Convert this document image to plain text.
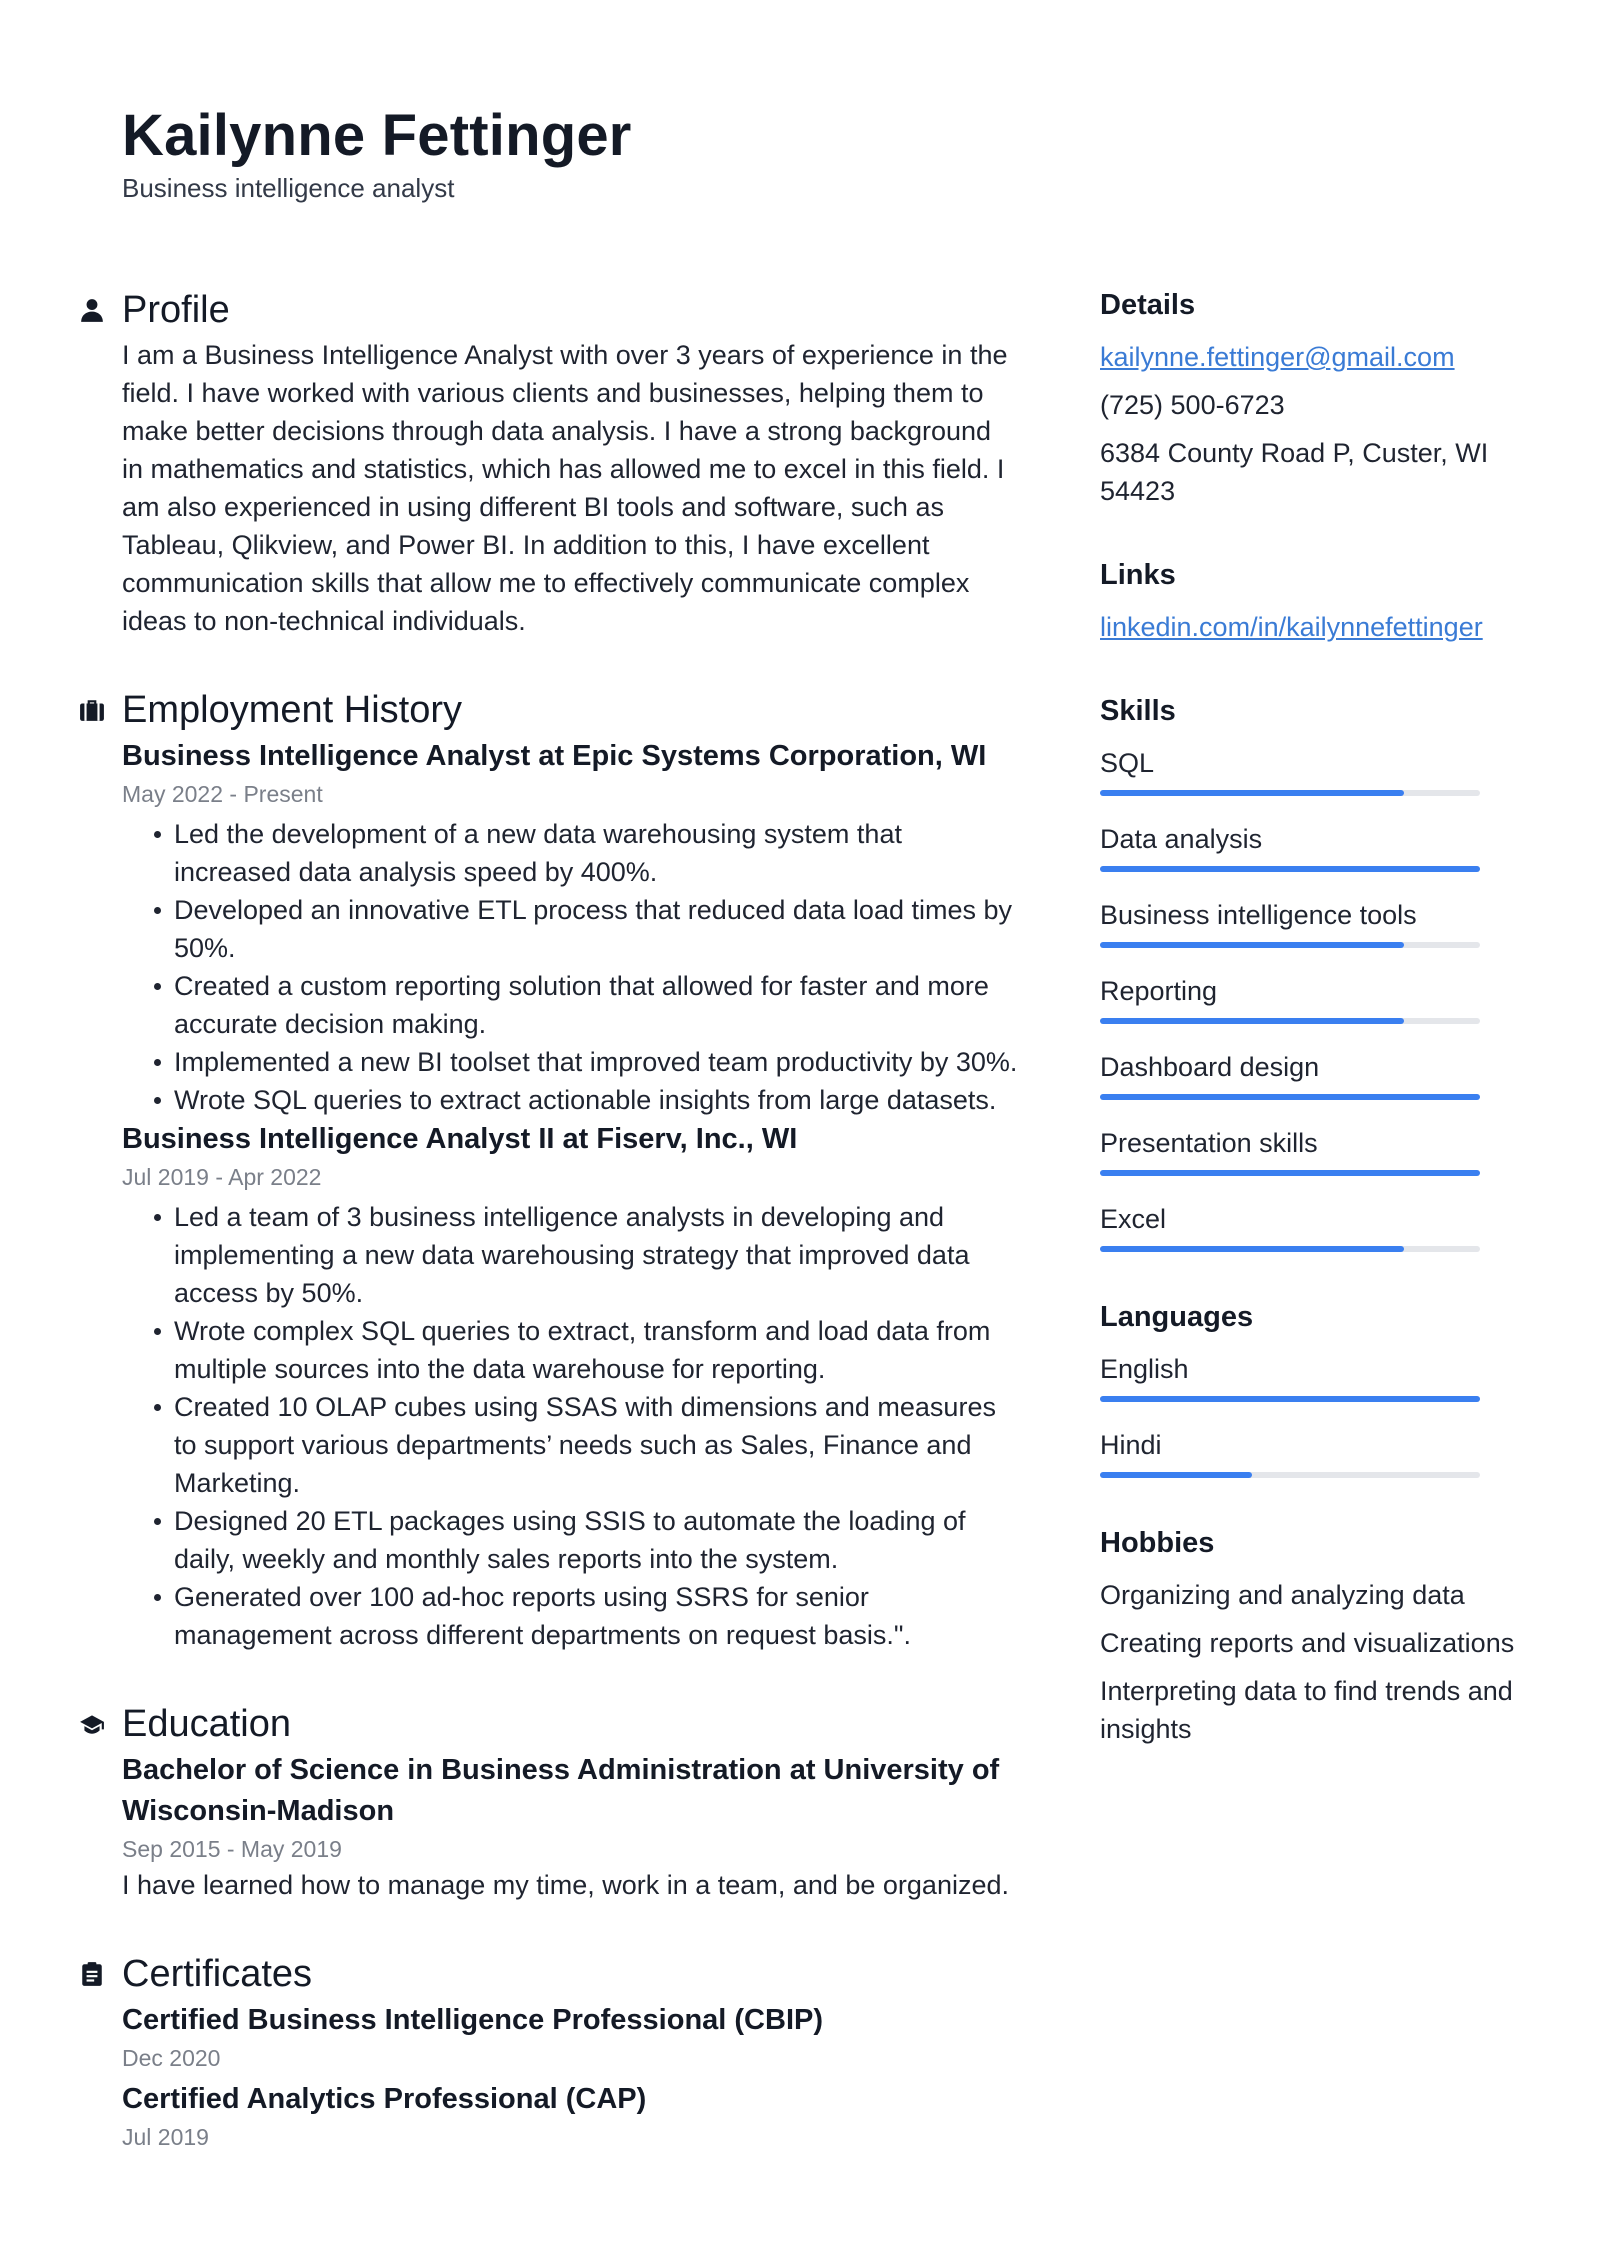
Kailynne Fettinger
Business intelligence analyst
Profile
I am a Business Intelligence Analyst with over 3 years of experience in the field. I have worked with various clients and businesses, helping them to make better decisions through data analysis. I have a strong background in mathematics and statistics, which has allowed me to excel in this field. I am also experienced in using different BI tools and software, such as Tableau, Qlikview, and Power BI. In addition to this, I have excellent communication skills that allow me to effectively communicate complex ideas to non-technical individuals.
Employment History
Business Intelligence Analyst at Epic Systems Corporation, WI
May 2022 - Present
Led the development of a new data warehousing system that increased data analysis speed by 400%.
Developed an innovative ETL process that reduced data load times by 50%.
Created a custom reporting solution that allowed for faster and more accurate decision making.
Implemented a new BI toolset that improved team productivity by 30%.
Wrote SQL queries to extract actionable insights from large datasets.
Business Intelligence Analyst II at Fiserv, Inc., WI
Jul 2019 - Apr 2022
Led a team of 3 business intelligence analysts in developing and implementing a new data warehousing strategy that improved data access by 50%.
Wrote complex SQL queries to extract, transform and load data from multiple sources into the data warehouse for reporting.
Created 10 OLAP cubes using SSAS with dimensions and measures to support various departments’ needs such as Sales, Finance and Marketing.
Designed 20 ETL packages using SSIS to automate the loading of daily, weekly and monthly sales reports into the system.
Generated over 100 ad-hoc reports using SSRS for senior management across different departments on request basis.".
Education
Bachelor of Science in Business Administration at University of Wisconsin-Madison
Sep 2015 - May 2019
I have learned how to manage my time, work in a team, and be organized.
Certificates
Certified Business Intelligence Professional (CBIP)
Dec 2020
Certified Analytics Professional (CAP)
Jul 2019
Details
kailynne.fettinger@gmail.com
(725) 500-6723
6384 County Road P, Custer, WI 54423
Links
linkedin.com/in/kailynnefettinger
Skills
SQL
Data analysis
Business intelligence tools
Reporting
Dashboard design
Presentation skills
Excel
Languages
English
Hindi
Hobbies
Organizing and analyzing data
Creating reports and visualizations
Interpreting data to find trends and insights
